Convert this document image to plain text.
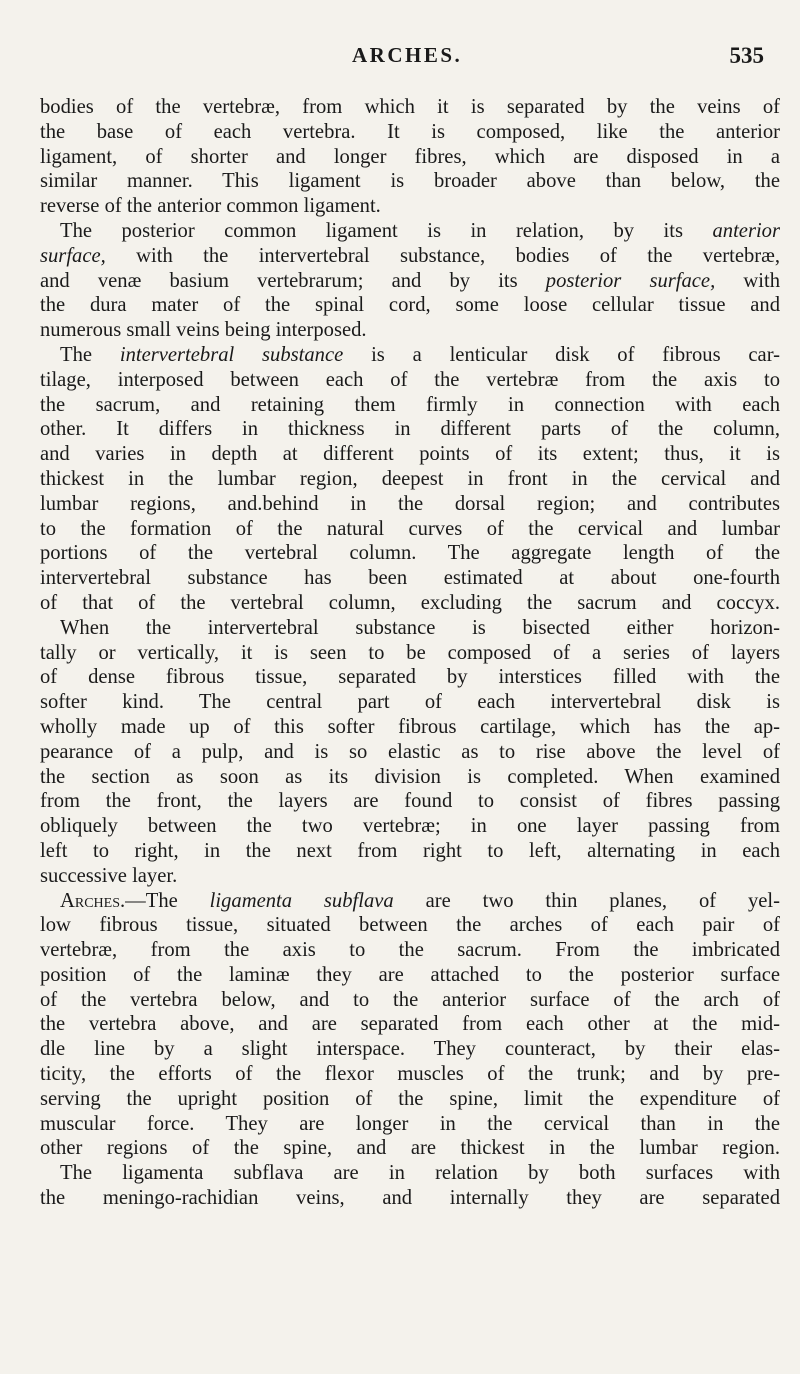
ARCHES.	535
bodies of the vertebræ, from which it is separated by the veins of
the base of each vertebra. It is composed, like the anterior
ligament, of shorter and longer fibres, which are disposed in a
similar manner. This ligament is broader above than below, the
reverse of the anterior common ligament.
The posterior common ligament is in relation, by its anterior
surface, with the intervertebral substance, bodies of the vertebræ,
and venæ basium vertebrarum; and by its posterior surface, with
the dura mater of the spinal cord, some loose cellular tissue and
numerous small veins being interposed.
The intervertebral substance is a lenticular disk of fibrous car-
tilage, interposed between each of the vertebræ from the axis to
the sacrum, and retaining them firmly in connection with each
other. It differs in thickness in different parts of the column,
and varies in depth at different points of its extent; thus, it is
thickest in the lumbar region, deepest in front in the cervical and
lumbar regions, and.behind in the dorsal region; and contributes
to the formation of the natural curves of the cervical and lumbar
portions of the vertebral column. The aggregate length of the
intervertebral substance has been estimated at about one-fourth
of that of the vertebral column, excluding the sacrum and coccyx.
When the intervertebral substance is bisected either horizon-
tally or vertically, it is seen to be composed of a series of layers
of dense fibrous tissue, separated by interstices filled with the
softer kind. The central part of each intervertebral disk is
wholly made up of this softer fibrous cartilage, which has the ap-
pearance of a pulp, and is so elastic as to rise above the level of
the section as soon as its division is completed. When examined
from the front, the layers are found to consist of fibres passing
obliquely between the two vertebræ; in one layer passing from
left to right, in the next from right to left, alternating in each
successive layer.
Arches.—The ligamenta subflava are two thin planes, of yel-
low fibrous tissue, situated between the arches of each pair of
vertebræ, from the axis to the sacrum. From the imbricated
position of the laminæ they are attached to the posterior surface
of the vertebra below, and to the anterior surface of the arch of
the vertebra above, and are separated from each other at the mid-
dle line by a slight interspace. They counteract, by their elas-
ticity, the efforts of the flexor muscles of the trunk; and by pre-
serving the upright position of the spine, limit the expenditure of
muscular force. They are longer in the cervical than in the
other regions of the spine, and are thickest in the lumbar region.
The ligamenta subflava are in relation by both surfaces with
the meningo-rachidian veins, and internally they are separated
